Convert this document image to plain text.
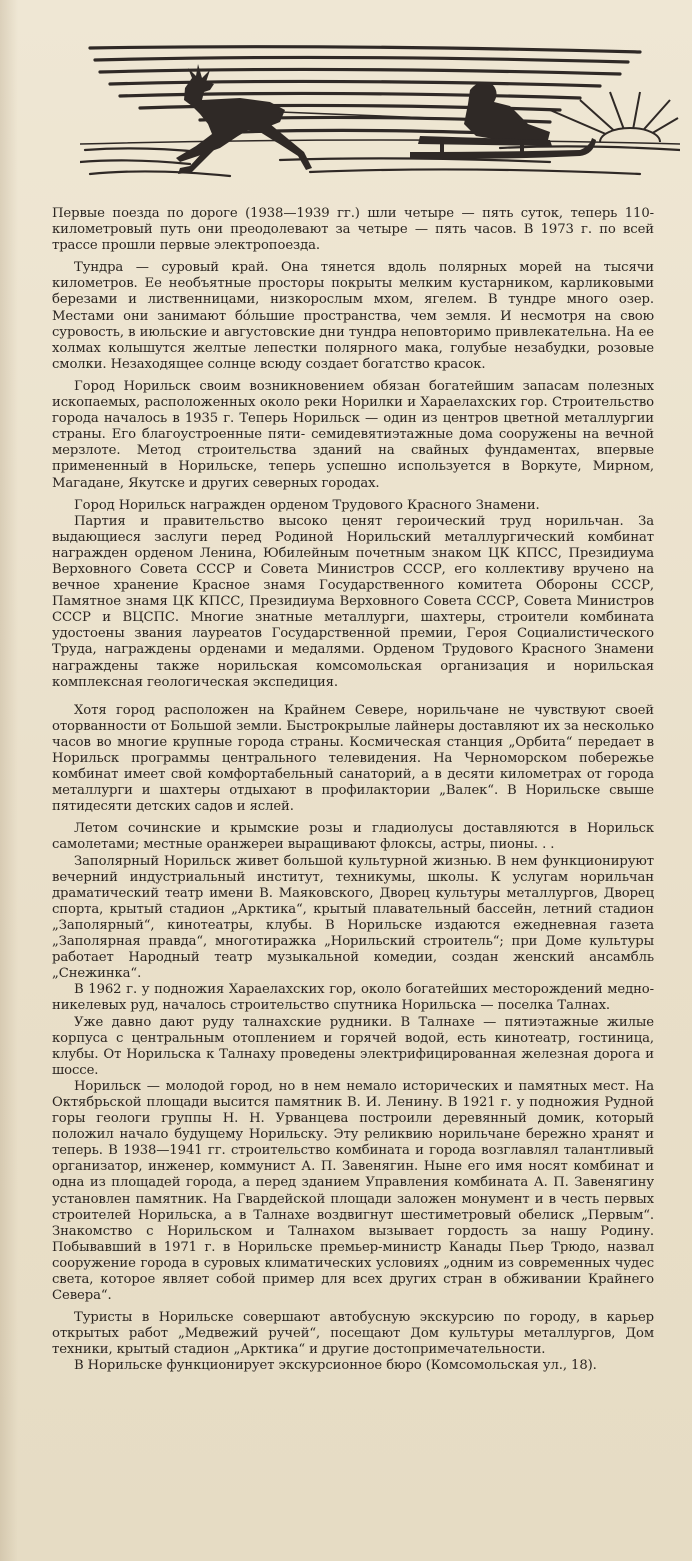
Первые поезда по дороге (1938—1939 гг.) шли четыре — пять суток, теперь 110-километровый путь они преодолевают за четыре — пять часов. В 1973 г. по всей трассе прошли первые электропоезда.

Тундра — суровый край. Она тянется вдоль полярных морей на тысячи километров. Ее необъятные просторы покрыты мелким кустарником, карликовыми березами и лиственницами, низкорослым мхом, ягелем. В тундре много озер. Местами они занимают бóльшие пространства, чем земля. И несмотря на свою суровость, в июльские и августовские дни тундра неповторимо привлекательна. На ее холмах колышутся желтые лепестки полярного мака, голубые незабудки, розовые смолки. Незаходящее солнце всюду создает богатство красок.

Город Норильск своим возникновением обязан богатейшим запасам полезных ископаемых, расположенных около реки Норилки и Хараелахских гор. Строительство города началось в 1935 г. Теперь Норильск — один из центров цветной металлургии страны. Его благоустроенные пяти- семидевятиэтажные дома сооружены на вечной мерзлоте. Метод строительства зданий на свайных фундаментах, впервые примененный в Норильске, теперь успешно используется в Воркуте, Мирном, Магадане, Якутске и других северных городах.

Город Норильск награжден орденом Трудового Красного Знамени.

Партия и правительство высоко ценят героический труд норильчан. За выдающиеся заслуги перед Родиной Норильский металлургический комбинат награжден орденом Ленина, Юбилейным почетным знаком ЦК КПСС, Президиума Верховного Совета СССР и Совета Министров СССР, его коллективу вручено на вечное хранение Красное знамя Государственного комитета Обороны СССР, Памятное знамя ЦК КПСС, Президиума Верховного Совета СССР, Совета Министров СССР и ВЦСПС. Многие знатные металлурги, шахтеры, строители комбината удостоены звания лауреатов Государственной премии, Героя Социалистического Труда, награждены орденами и медалями. Орденом Трудового Красного Знамени награждены также норильская комсомольская организация и норильская комплексная геологическая экспедиция.

Хотя город расположен на Крайнем Севере, норильчане не чувствуют своей оторванности от Большой земли. Быстрокрылые лайнеры доставляют их за несколько часов во многие крупные города страны. Космическая станция „Орбита“ передает в Норильск программы центрального телевидения. На Черноморском побережье комбинат имеет свой комфортабельный санаторий, а в десяти километрах от города металлурги и шахтеры отдыхают в профилактории „Валек“. В Норильске свыше пятидесяти детских садов и яслей.

Летом сочинские и крымские розы и гладиолусы доставляются в Норильск самолетами; местные оранжереи выращивают флоксы, астры, пионы. . .

Заполярный Норильск живет большой культурной жизнью. В нем функционируют вечерний индустриальный институт, техникумы, школы. К услугам норильчан драматический театр имени В. Маяковского, Дворец культуры металлургов, Дворец спорта, крытый стадион „Арктика“, крытый плавательный бассейн, летний стадион „Заполярный“, кинотеатры, клубы. В Норильске издаются ежедневная газета „Заполярная правда“, многотиражка „Норильский строитель“; при Доме культуры работает Народный театр музыкальной комедии, создан женский ансамбль „Снежинка“.

В 1962 г. у подножия Хараелахских гор, около богатейших месторождений медно-никелевых руд, началось строительство спутника Норильска — поселка Талнах.

Уже давно дают руду талнахские рудники. В Талнахе — пятиэтажные жилые корпуса с центральным отоплением и горячей водой, есть кинотеатр, гостиница, клубы. От Норильска к Талнаху проведены электрифицированная железная дорога и шоссе.

Норильск — молодой город, но в нем немало исторических и памятных мест. На Октябрьской площади высится памятник В. И. Ленину. В 1921 г. у подножия Рудной горы геологи группы Н. Н. Урванцева построили деревянный домик, который положил начало будущему Норильску. Эту реликвию норильчане бережно хранят и теперь. В 1938—1941 гг. строительство комбината и города возглавлял талантливый организатор, инженер, коммунист А. П. Завенягин. Ныне его имя носят комбинат и одна из площадей города, а перед зданием Управления комбината А. П. Завенягину установлен памятник. На Гвардейской площади заложен монумент и в честь первых строителей Норильска, а в Талнахе воздвигнут шестиметровый обелиск „Первым“. Знакомство с Норильском и Талнахом вызывает гордость за нашу Родину. Побывавший в 1971 г. в Норильске премьер-министр Канады Пьер Трюдо, назвал сооружение города в суровых климатических условиях „одним из современных чудес света, которое являет собой пример для всех других стран в обживании Крайнего Севера“.

Туристы в Норильске совершают автобусную экскурсию по городу, в карьер открытых работ „Медвежий ручей“, посещают Дом культуры металлургов, Дом техники, крытый стадион „Арктика“ и другие достопримечательности.

В Норильске функционирует экскурсионное бюро (Комсомольская ул., 18).
